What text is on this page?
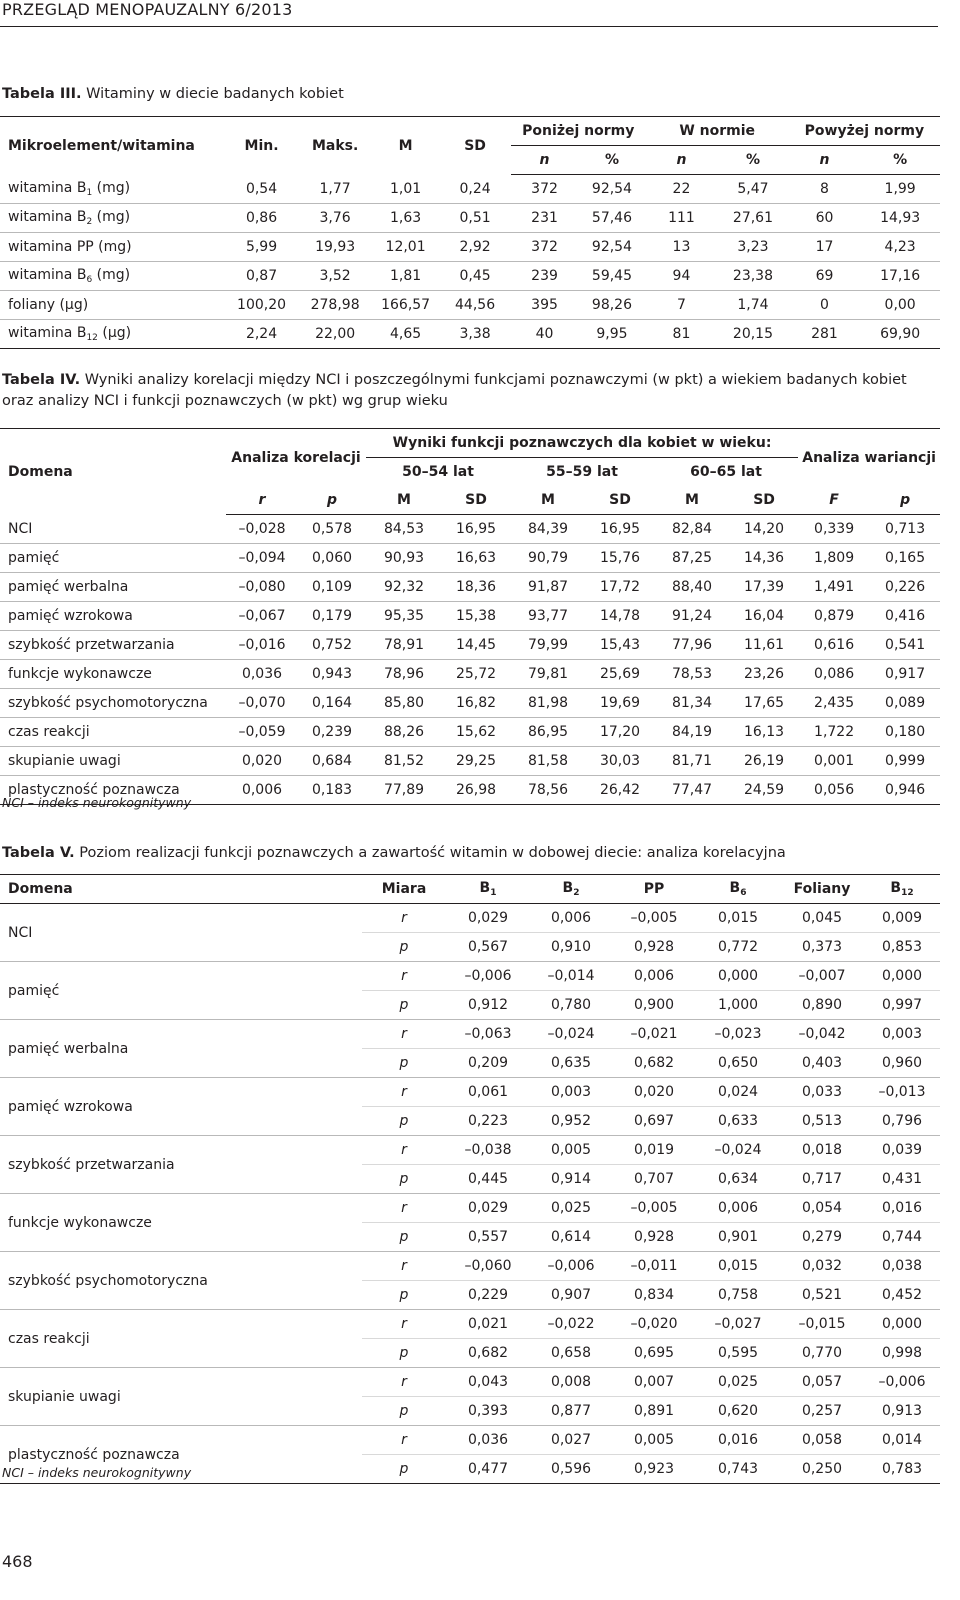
PRZEGLĄD MENOPAUZALNY 6/2013
Tabela III. Witaminy w diecie badanych kobiet
Mikroelement/witamina	Min.	Maks.	M	SD	Poniżej normy		W normie		Powyżej normy	
					n	%	n	%	n	%
witamina $B_1$ (mg)	0,54	1,77	1,01	0,24	372	92,54	22	5,47	8	1,99
witamina $B_2$ (mg)	0,86	3,76	1,63	0,51	231	57,46	111	27,61	60	14,93
witamina PP (mg)	5,99	19,93	12,01	2,92	372	92,54	13	3,23	17	4,23
witamina $B_6$ (mg)	0,87	3,52	1,81	0,45	239	59,45	94	23,38	69	17,16
foliany (µg)	100,20	278,98	166,57	44,56	395	98,26	7	1,74	0	0,00
witamina $B_{12}$ (µg)	2,24	22,00	4,65	3,38	40	9,95	81	20,15	281	69,90
Tabela IV. Wyniki analizy korelacji między NCI i poszczególnymi funkcjami poznawczymi (w pkt) a wiekiem badanych kobiet oraz analizy NCI i funkcji poznawczych (w pkt) wg grup wieku
Domena	Analiza korelacji		Wyniki funkcji poznawczych dla kobiet w wieku:						Analiza wariancji	
			50–54 lat		55–59 lat		60–65 lat			
	r	p	M	SD	M	SD	M	SD	F	p
NCI	–0,028	0,578	84,53	16,95	84,39	16,95	82,84	14,20	0,339	0,713
pamięć	–0,094	0,060	90,93	16,63	90,79	15,76	87,25	14,36	1,809	0,165
pamięć werbalna	–0,080	0,109	92,32	18,36	91,87	17,72	88,40	17,39	1,491	0,226
pamięć wzrokowa	–0,067	0,179	95,35	15,38	93,77	14,78	91,24	16,04	0,879	0,416
szybkość przetwarzania	–0,016	0,752	78,91	14,45	79,99	15,43	77,96	11,61	0,616	0,541
funkcje wykonawcze	0,036	0,943	78,96	25,72	79,81	25,69	78,53	23,26	0,086	0,917
szybkość psychomotoryczna	–0,070	0,164	85,80	16,82	81,98	19,69	81,34	17,65	2,435	0,089
czas reakcji	–0,059	0,239	88,26	15,62	86,95	17,20	84,19	16,13	1,722	0,180
skupianie uwagi	0,020	0,684	81,52	29,25	81,58	30,03	81,71	26,19	0,001	0,999
plastyczność poznawcza	0,006	0,183	77,89	26,98	78,56	26,42	77,47	24,59	0,056	0,946
NCI – indeks neurokognitywny
Tabela V. Poziom realizacji funkcji poznawczych a zawartość witamin w dobowej diecie: analiza korelacyjna
Domena	Miara	$B_1$	$B_2$	PP	$B_6$	Foliany	$B_{12}$
NCI	r	0,029	0,006	–0,005	0,015	0,045	0,009
	p	0,567	0,910	0,928	0,772	0,373	0,853
pamięć	r	–0,006	–0,014	0,006	0,000	–0,007	0,000
	p	0,912	0,780	0,900	1,000	0,890	0,997
pamięć werbalna	r	–0,063	–0,024	–0,021	–0,023	–0,042	0,003
	p	0,209	0,635	0,682	0,650	0,403	0,960
pamięć wzrokowa	r	0,061	0,003	0,020	0,024	0,033	–0,013
	p	0,223	0,952	0,697	0,633	0,513	0,796
szybkość przetwarzania	r	–0,038	0,005	0,019	–0,024	0,018	0,039
	p	0,445	0,914	0,707	0,634	0,717	0,431
funkcje wykonawcze	r	0,029	0,025	–0,005	0,006	0,054	0,016
	p	0,557	0,614	0,928	0,901	0,279	0,744
szybkość psychomotoryczna	r	–0,060	–0,006	–0,011	0,015	0,032	0,038
	p	0,229	0,907	0,834	0,758	0,521	0,452
czas reakcji	r	0,021	–0,022	–0,020	–0,027	–0,015	0,000
	p	0,682	0,658	0,695	0,595	0,770	0,998
skupianie uwagi	r	0,043	0,008	0,007	0,025	0,057	–0,006
	p	0,393	0,877	0,891	0,620	0,257	0,913
plastyczność poznawcza	r	0,036	0,027	0,005	0,016	0,058	0,014
	p	0,477	0,596	0,923	0,743	0,250	0,783
NCI – indeks neurokognitywny
468
